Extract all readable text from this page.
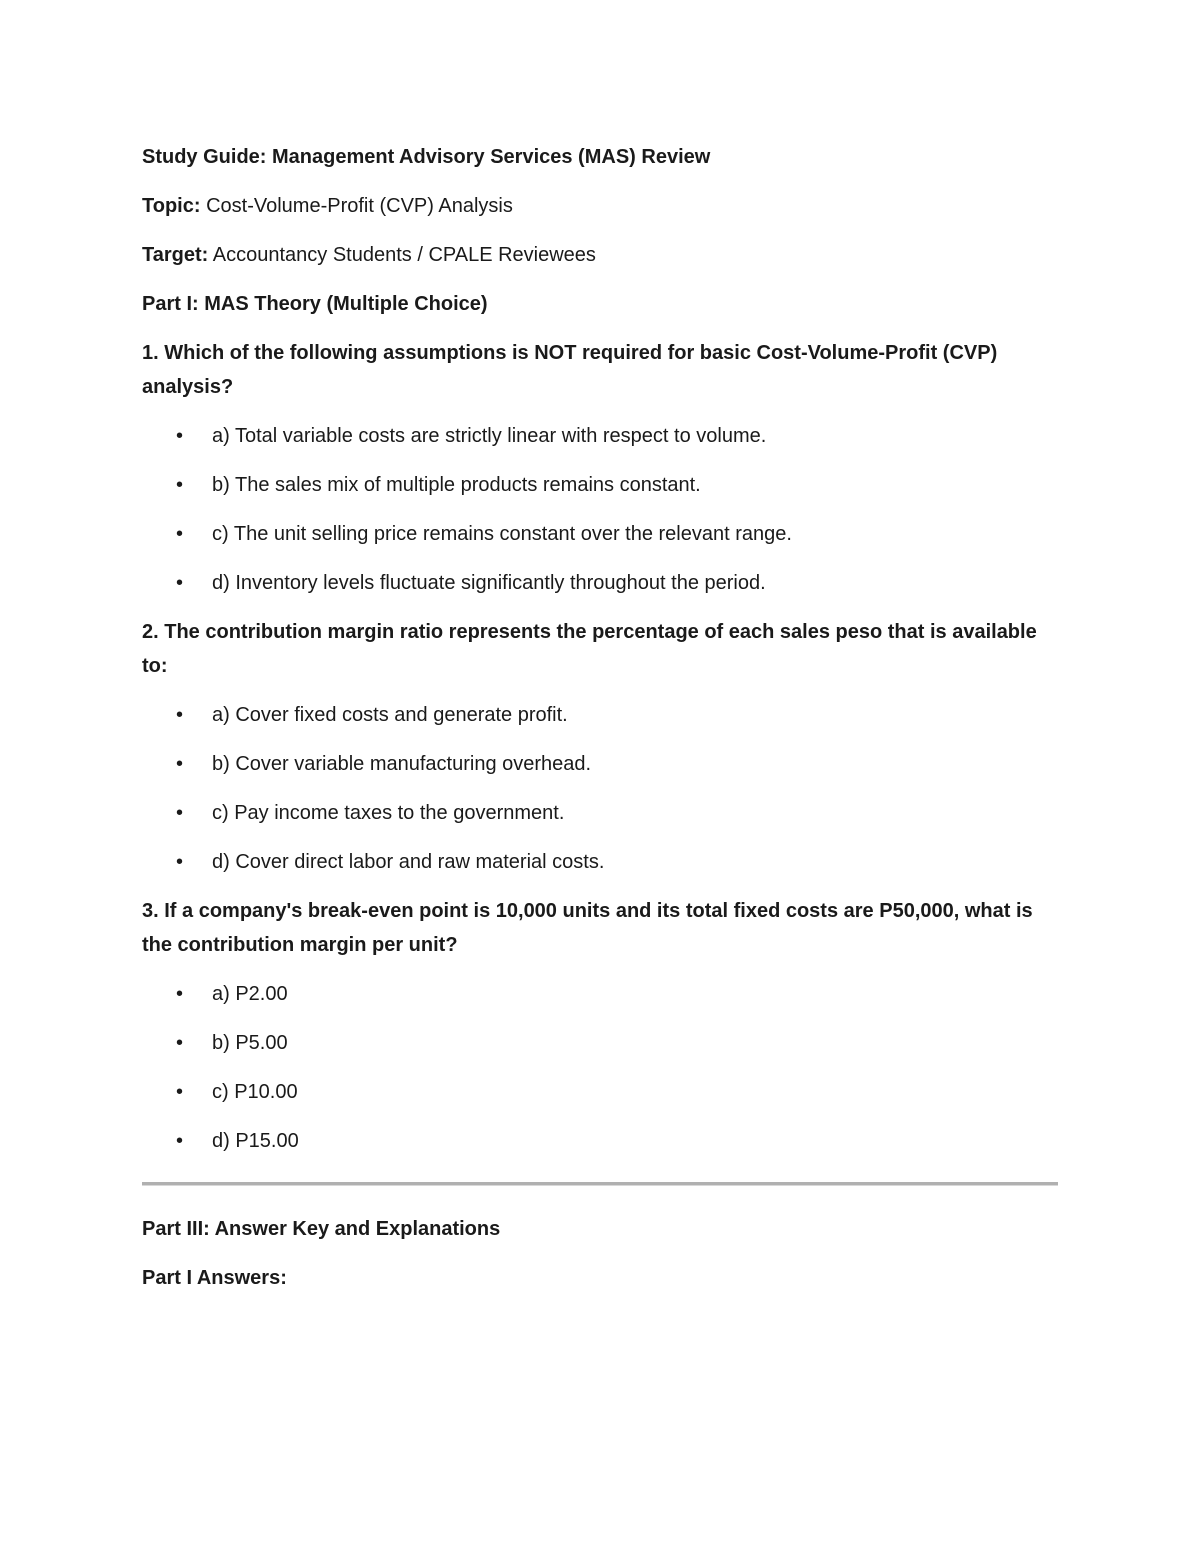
Study Guide: Management Advisory Services (MAS) Review

Topic: Cost-Volume-Profit (CVP) Analysis

Target: Accountancy Students / CPALE Reviewees

Part I: MAS Theory (Multiple Choice)

1. Which of the following assumptions is NOT required for basic Cost-Volume-Profit (CVP) analysis?

• a) Total variable costs are strictly linear with respect to volume.
• b) The sales mix of multiple products remains constant.
• c) The unit selling price remains constant over the relevant range.
• d) Inventory levels fluctuate significantly throughout the period.

2. The contribution margin ratio represents the percentage of each sales peso that is available to:

• a) Cover fixed costs and generate profit.
• b) Cover variable manufacturing overhead.
• c) Pay income taxes to the government.
• d) Cover direct labor and raw material costs.

3. If a company's break-even point is 10,000 units and its total fixed costs are P50,000, what is the contribution margin per unit?

• a) P2.00
• b) P5.00
• c) P10.00
• d) P15.00

Part III: Answer Key and Explanations

Part I Answers:
